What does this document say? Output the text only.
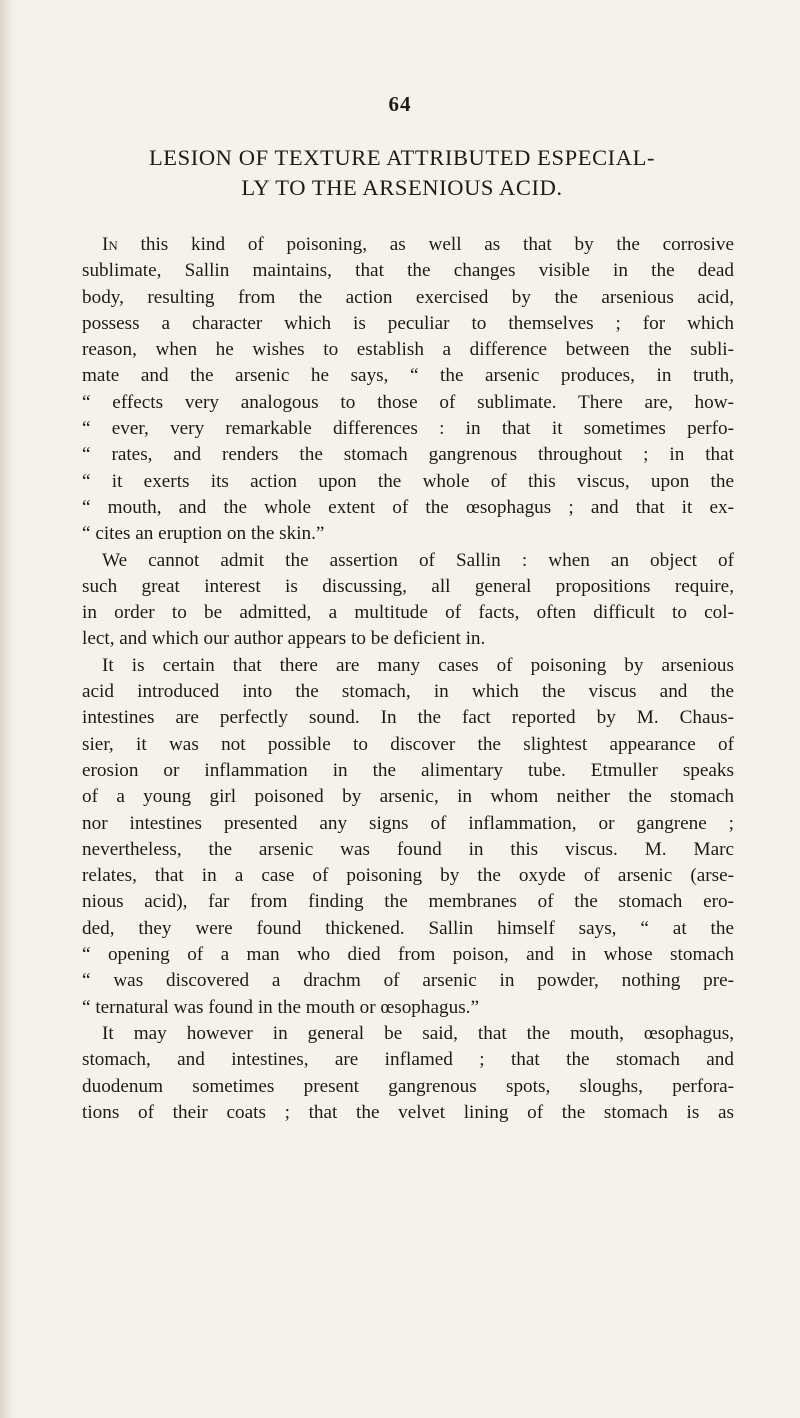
64
LESION OF TEXTURE ATTRIBUTED ESPECIAL-
LY TO THE ARSENIOUS ACID.
In this kind of poisoning, as well as that by the corrosive
sublimate, Sallin maintains, that the changes visible in the dead
body, resulting from the action exercised by the arsenious acid,
possess a character which is peculiar to themselves ; for which
reason, when he wishes to establish a difference between the subli-
mate and the arsenic he says, “ the arsenic produces, in truth,
“ effects very analogous to those of sublimate. There are, how-
“ ever, very remarkable differences : in that it sometimes perfo-
“ rates, and renders the stomach gangrenous throughout ; in that
“ it exerts its action upon the whole of this viscus, upon the
“ mouth, and the whole extent of the œsophagus ; and that it ex-
“ cites an eruption on the skin.”
We cannot admit the assertion of Sallin : when an object of
such great interest is discussing, all general propositions require,
in order to be admitted, a multitude of facts, often difficult to col-
lect, and which our author appears to be deficient in.
It is certain that there are many cases of poisoning by arsenious
acid introduced into the stomach, in which the viscus and the
intestines are perfectly sound. In the fact reported by M. Chaus-
sier, it was not possible to discover the slightest appearance of
erosion or inflammation in the alimentary tube. Etmuller speaks
of a young girl poisoned by arsenic, in whom neither the stomach
nor intestines presented any signs of inflammation, or gangrene ;
nevertheless, the arsenic was found in this viscus. M. Marc
relates, that in a case of poisoning by the oxyde of arsenic (arse-
nious acid), far from finding the membranes of the stomach ero-
ded, they were found thickened. Sallin himself says, “ at the
“ opening of a man who died from poison, and in whose stomach
“ was discovered a drachm of arsenic in powder, nothing pre-
“ ternatural was found in the mouth or œsophagus.”
It may however in general be said, that the mouth, œsophagus,
stomach, and intestines, are inflamed ; that the stomach and
duodenum sometimes present gangrenous spots, sloughs, perfora-
tions of their coats ; that the velvet lining of the stomach is as
